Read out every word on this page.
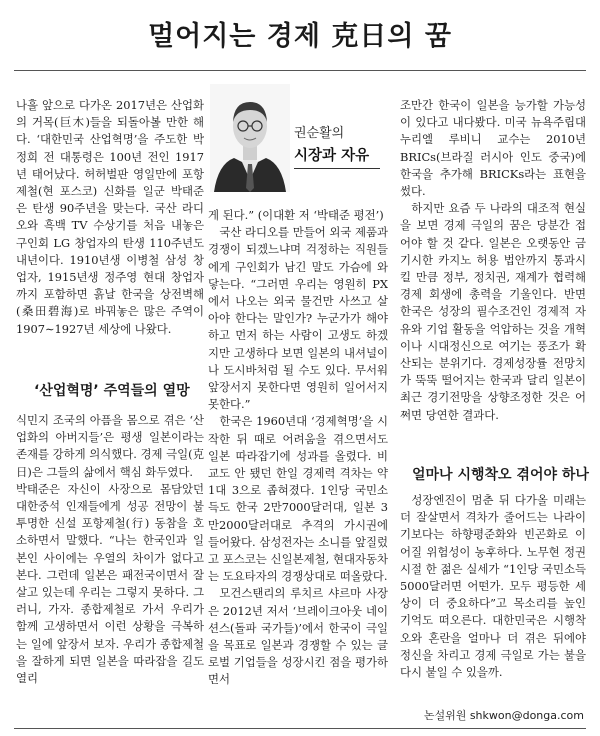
멀어지는 경제 克日의 꿈

나흘 앞으로 다가온 2017년은 산업화의 거목(巨木)들을 되돌아볼 만한 해다. ‘대한민국 산업혁명’을 주도한 박정희 전 대통령은 100년 전인 1917년 태어났다. 허허벌판 영일만에 포항제철(현 포스코) 신화를 일군 박태준은 탄생 90주년을 맞는다. 국산 라디오와 흑백 TV 수상기를 처음 내놓은 구인회 LG 창업자의 탄생 110주년도 내년이다. 1910년생 이병철 삼성 창업자, 1915년생 정주영 현대 창업자까지 포함하면 흙날 한국을 상전벽해(桑田碧海)로 바꿔놓은 많은 주역이 1907∼1927년 세상에 나왔다.

‘산업혁명’ 주역들의 열망

식민지 조국의 아픔을 몸으로 겪은 ‘산업화의 아버지들’은 평생 일본이라는 존재를 강하게 의식했다. 경제 극일(克日)은 그들의 삶에서 핵심 화두였다.

박태준은 자신이 사장으로 몸담았던 대한중석 인재들에게 성공 전망이 불투명한 신설 포항제철(行) 동참을 호소하면서 말했다. “나는 한국인과 일본인 사이에는 우열의 차이가 없다고 본다. 그런데 일본은 패전국이면서 잘살고 있는데 우리는 그렇지 못하다. 그러니, 가자. 종합제철로 가서 우리가 함께 고생하면서 이런 상황을 극복하는 일에 앞장서 보자. 우리가 종합제철을 잘하게 되면 일본을 따라잡을 길도 열리

권순활의
시장과 자유

게 된다.” (이대환 저 ‘박태준 평전’)

국산 라디오를 만들어 외국 제품과 경쟁이 되겠느냐며 걱정하는 직원들에게 구인회가 남긴 말도 가슴에 와 닿는다. “그러면 우리는 영원히 PX에서 나오는 외국 물건만 사쓰고 살아야 한다는 말인가? 누군가가 해야 하고 먼저 하는 사람이 고생도 하겠지만 고생하다 보면 일본의 내셔널이나 도시바처럼 될 수도 있다. 무서워 앞장서지 못한다면 영원히 일어서지 못한다.”

한국은 1960년대 ‘경제혁명’을 시작한 뒤 때로 어려움을 겪으면서도 일본 따라잡기에 성과를 올렸다. 비교도 안 됐던 한일 경제력 격차는 약 1대 3으로 좁혀졌다. 1인당 국민소득도 한국 2만7000달러대, 일본 3만2000달러대로 추격의 가시권에 들어왔다. 삼성전자는 소니를 앞질렀고 포스코는 신일본제철, 현대자동차는 도요타자의 경쟁상대로 떠올랐다.

모건스탠리의 루치르 샤르마 사장은 2012년 저서 ‘브레이크아웃 네이션스(돌파 국가들)’에서 한국이 극일을 목표로 일본과 경쟁할 수 있는 글로벌 기업들을 성장시킨 점을 평가하면서

조만간 한국이 일본을 능가할 가능성이 있다고 내다봤다. 미국 뉴욕주립대 누리엘 루비니 교수는 2010년 BRICs(브라질 러시아 인도 중국)에 한국을 추가해 BRICKs라는 표현을 썼다.

하지만 요즘 두 나라의 대조적 현실을 보면 경제 극일의 꿈은 당분간 접어야 할 것 같다. 일본은 오랫동안 금기시한 카지노 허용 법안까지 통과시킬 만큼 정부, 정치권, 재계가 협력해 경제 회생에 총력을 기울인다. 반면 한국은 성장의 필수조건인 경제적 자유와 기업 활동을 억압하는 것을 개혁이나 시대정신으로 여기는 풍조가 확산되는 분위기다. 경제성장률 전망치가 뚝뚝 떨어지는 한국과 달리 일본이 최근 경기전망을 상향조정한 것은 어쩌면 당연한 결과다.

얼마나 시행착오 겪어야 하나

성장엔진이 멈춘 뒤 다가올 미래는 더 잘살면서 격차가 줄어드는 나라이기보다는 하향평준화와 빈곤화로 이어질 위험성이 농후하다. 노무현 정권 시절 한 젊은 실세가 “1인당 국민소득 5000달러면 어떤가. 모두 평등한 세상이 더 중요하다”고 목소리를 높인 기억도 떠오른다. 대한민국은 시행착오와 혼란을 얼마나 더 겪은 뒤에야 정신을 차리고 경제 극일로 가는 불을 다시 붙일 수 있을까.

논설위원 shkwon@donga.com
